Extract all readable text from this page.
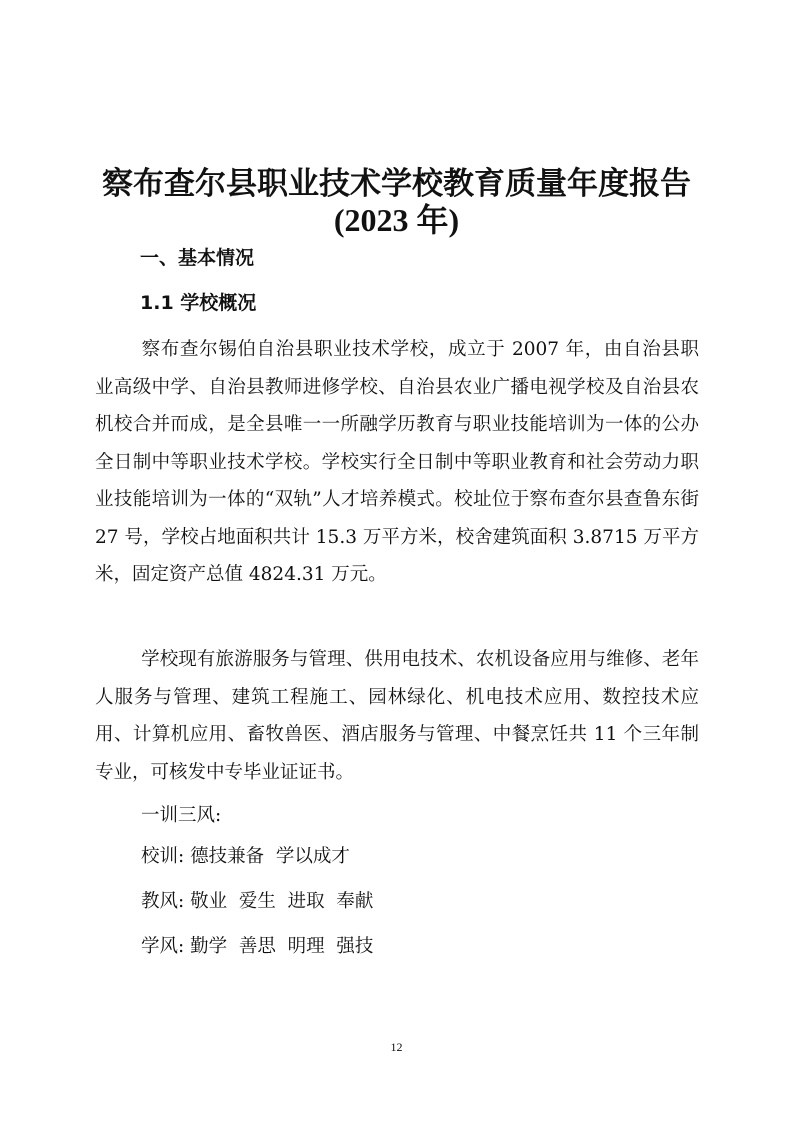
察布查尔县职业技术学校教育质量年度报告
(2023 年)
一、基本情况
1.1 学校概况

察布查尔锡伯自治县职业技术学校，成立于 2007 年，由自治县职业高级中学、自治县教师进修学校、自治县农业广播电视学校及自治县农机校合并而成，是全县唯一一所融学历教育与职业技能培训为一体的公办全日制中等职业技术学校。学校实行全日制中等职业教育和社会劳动力职业技能培训为一体的“双轨”人才培养模式。校址位于察布查尔县查鲁东街 27 号，学校占地面积共计 15.3 万平方米，校舍建筑面积 3.8715 万平方米，固定资产总值 4824.31 万元。

学校现有旅游服务与管理、供用电技术、农机设备应用与维修、老年人服务与管理、建筑工程施工、园林绿化、机电技术应用、数控技术应用、计算机应用、畜牧兽医、酒店服务与管理、中餐烹饪共 11 个三年制专业，可核发中专毕业证证书。

一训三风:

校训: 德技兼备  学以成才

教风: 敬业  爱生  进取  奉献

学风: 勤学  善思  明理  强技

12
